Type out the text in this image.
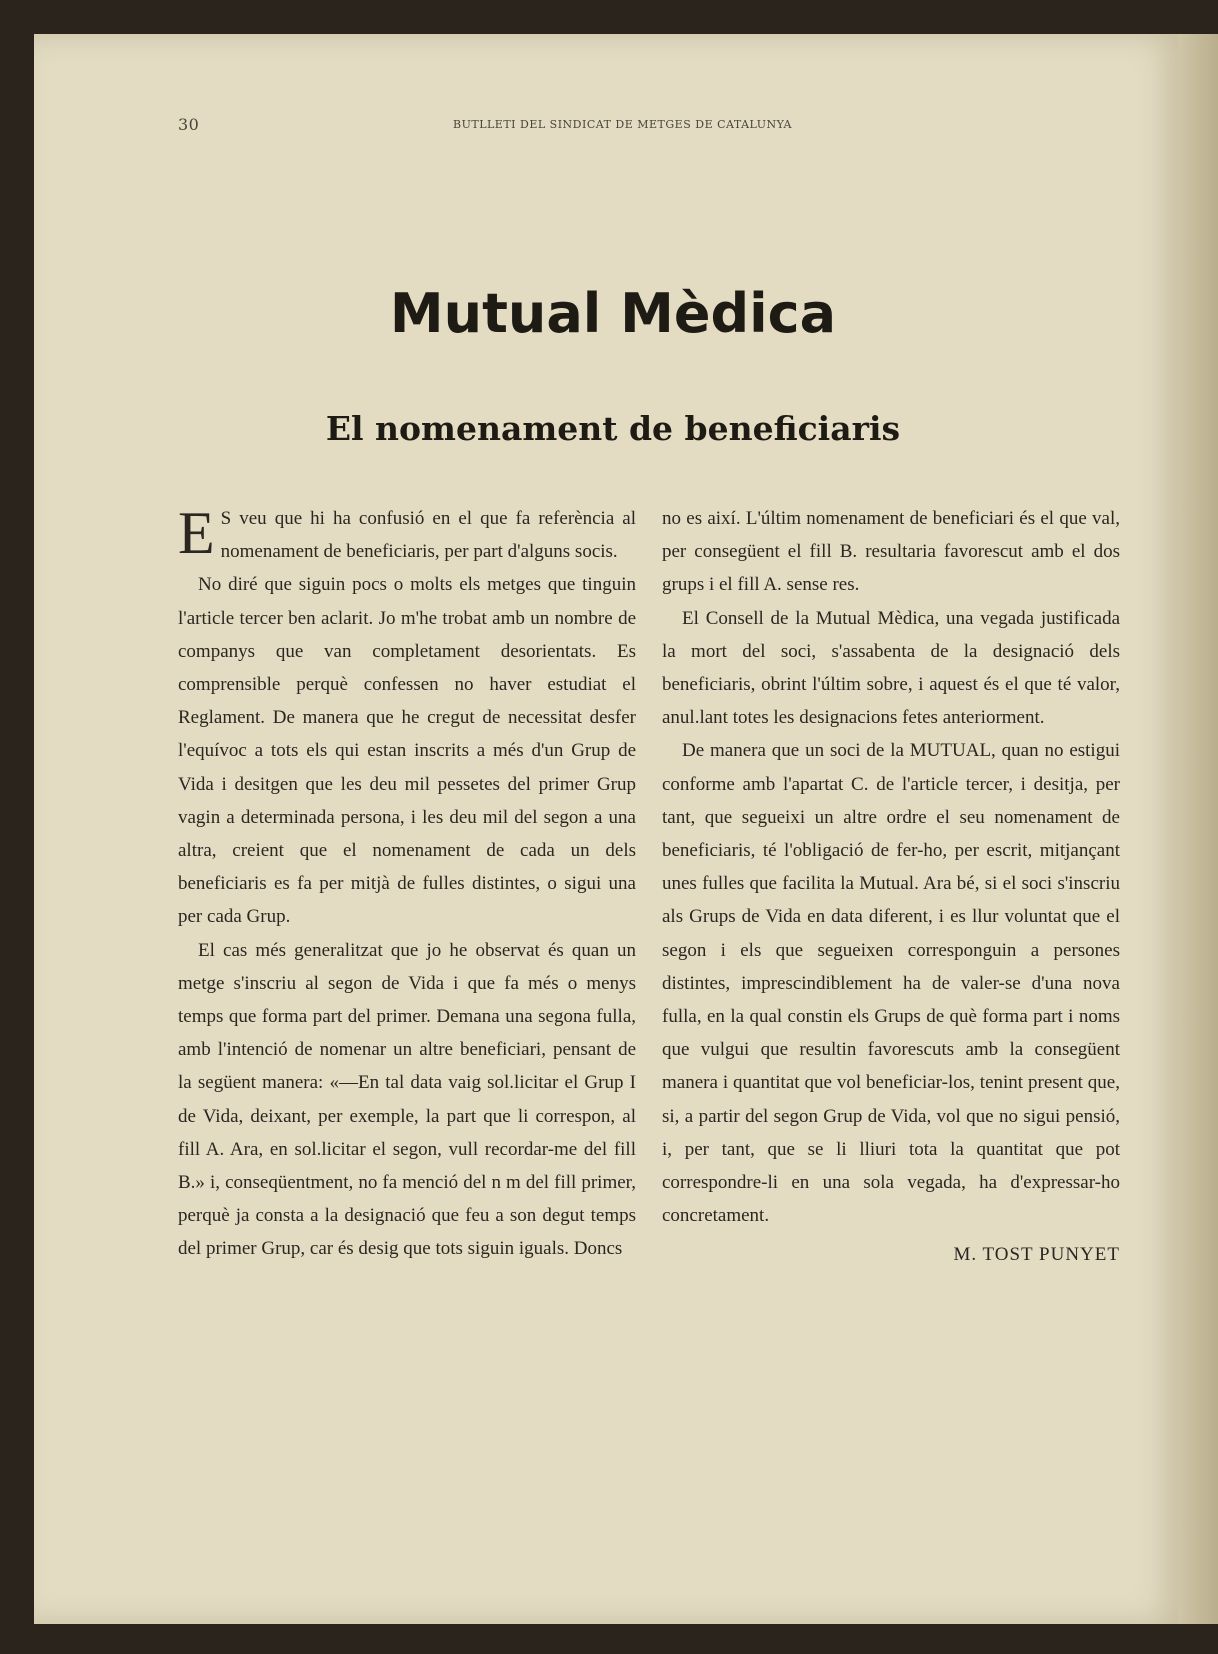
30	BUTLLETI DEL SINDICAT DE METGES DE CATALUNYA
Mutual Mèdica
El nomenament de beneficiaris

E S veu que hi ha confusió en el que fa referència al nomenament de beneficiaris, per part d'alguns socis.

No diré que siguin pocs o molts els metges que tinguin l'article tercer ben aclarit. Jo m'he trobat amb un nombre de companys que van completament desorientats. Es comprensible perquè confessen no haver estudiat el Reglament. De manera que he cregut de necessitat desfer l'equívoc a tots els qui estan inscrits a més d'un Grup de Vida i desitgen que les deu mil pessetes del primer Grup vagin a determinada persona, i les deu mil del segon a una altra, creient que el nomenament de cada un dels beneficiaris es fa per mitjà de fulles distintes, o sigui una per cada Grup.

El cas més generalitzat que jo he observat és quan un metge s'inscriu al segon de Vida i que fa més o menys temps que forma part del primer. Demana una segona fulla, amb l'intenció de nomenar un altre beneficiari, pensant de la següent manera: «—En tal data vaig sol.licitar el Grup I de Vida, deixant, per exemple, la part que li correspon, al fill A. Ara, en sol.licitar el segon, vull recordar-me del fill B.» i, conseqüentment, no fa menció del n m del fill primer, perquè ja consta a la designació que feu a son degut temps del primer Grup, car és desig que tots siguin iguals. Doncs

no es així. L'últim nomenament de beneficiari és el que val, per consegüent el fill B. resultaria favorescut amb el dos grups i el fill A. sense res.

El Consell de la Mutual Mèdica, una vegada justificada la mort del soci, s'assabenta de la designació dels beneficiaris, obrint l'últim sobre, i aquest és el que té valor, anul.lant totes les designacions fetes anteriorment.

De manera que un soci de la MUTUAL, quan no estigui conforme amb l'apartat C. de l'article tercer, i desitja, per tant, que segueixi un altre ordre el seu nomenament de beneficiaris, té l'obligació de fer-ho, per escrit, mitjançant unes fulles que facilita la Mutual. Ara bé, si el soci s'inscriu als Grups de Vida en data diferent, i es llur voluntat que el segon i els que segueixen corresponguin a persones distintes, imprescindiblement ha de valer-se d'una nova fulla, en la qual constin els Grups de què forma part i noms que vulgui que resultin favorescuts amb la consegüent manera i quantitat que vol beneficiar-los, tenint present que, si, a partir del segon Grup de Vida, vol que no sigui pensió, i, per tant, que se li lliuri tota la quantitat que pot correspondre-li en una sola vegada, ha d'expressar-ho concretament.

M. TOST PUNYET
